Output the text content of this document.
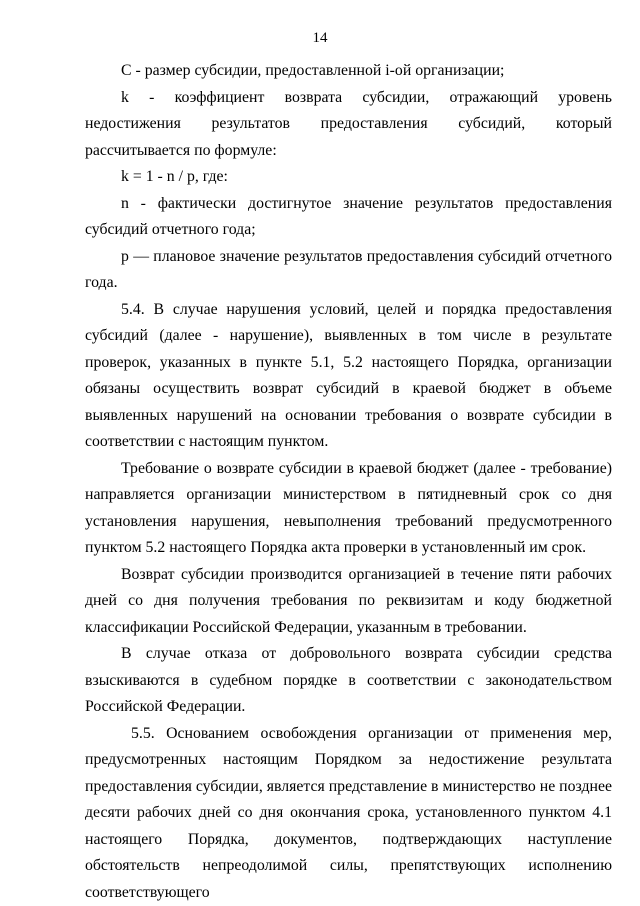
14

C - размер субсидии, предоставленной i-ой организации;

k - коэффициент возврата субсидии, отражающий уровень недостижения результатов предоставления субсидий, который рассчитывается по формуле:

k = 1 - n / p, где:

n - фактически достигнутое значение результатов предоставления субсидий отчетного года;

p — плановое значение результатов предоставления субсидий отчетного года.

5.4. В случае нарушения условий, целей и порядка предоставления субсидий (далее - нарушение), выявленных в том числе в результате проверок, указанных в пункте 5.1, 5.2 настоящего Порядка, организации обязаны осуществить возврат субсидий в краевой бюджет в объеме выявленных нарушений на основании требования о возврате субсидии в соответствии с настоящим пунктом.

Требование о возврате субсидии в краевой бюджет (далее - требование) направляется организации министерством в пятидневный срок со дня установления нарушения, невыполнения требований предусмотренного пунктом 5.2 настоящего Порядка акта проверки в установленный им срок.

Возврат субсидии производится организацией в течение пяти рабочих дней со дня получения требования по реквизитам и коду бюджетной классификации Российской Федерации, указанным в требовании.

В случае отказа от добровольного возврата субсидии средства взыскиваются в судебном порядке в соответствии с законодательством Российской Федерации.

5.5. Основанием освобождения организации от применения мер, предусмотренных настоящим Порядком за недостижение результата предоставления субсидии, является представление в министерство не позднее десяти рабочих дней со дня окончания срока, установленного пунктом 4.1 настоящего Порядка, документов, подтверждающих наступление обстоятельств непреодолимой силы, препятствующих исполнению соответствующего
